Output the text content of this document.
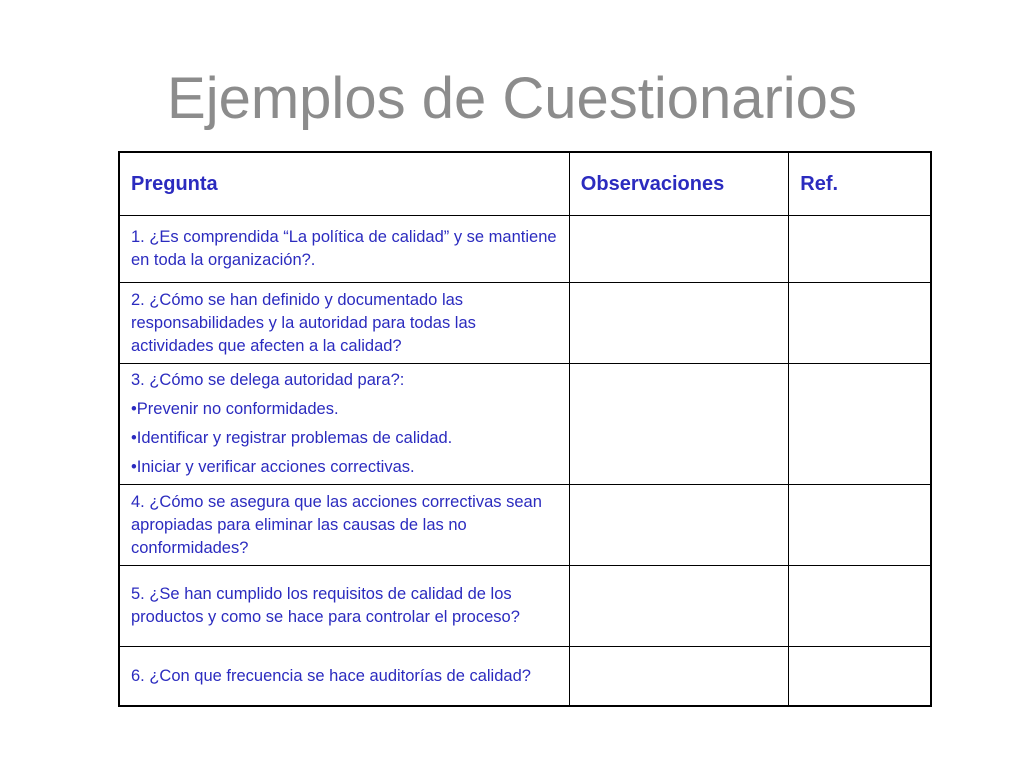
Ejemplos de Cuestionarios
Pregunta	Observaciones	Ref.
1. ¿Es comprendida “La política de calidad” y se mantiene en toda la organización?.		
2. ¿Cómo se han definido y documentado las responsabilidades y la autoridad para todas las actividades que afecten a la calidad?		

3. ¿Cómo se delega autoridad para?:
•Prevenir no conformidades.
•Identificar y registrar problemas de calidad.
•Iniciar y verificar acciones correctivas.		

4. ¿Cómo se asegura que las acciones correctivas sean apropiadas para eliminar las causas de las no conformidades?		
5. ¿Se han cumplido los requisitos de calidad de los productos y como se hace para controlar el proceso?		
6. ¿Con que frecuencia se hace auditorías de calidad?		
